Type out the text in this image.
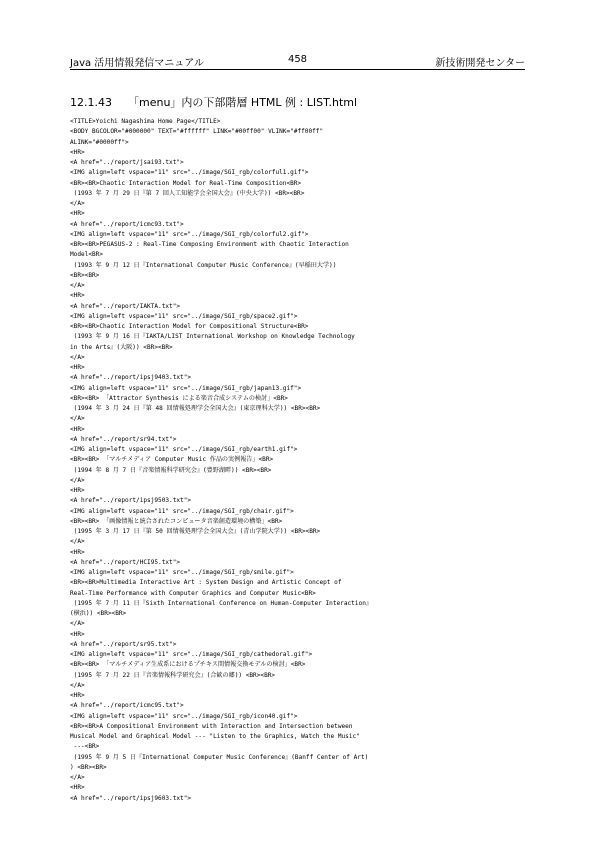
Java 活用情報発信マニュアル	458	新技術開発センター
12.1.43 「menu」内の下部階層 HTML 例 : LIST.html
<TITLE>Yoichi Nagashima Home Page</TITLE>
<BODY BGCOLOR="#000000" TEXT="#ffffff" LINK="#00ff00" VLINK="#ff00ff"
ALINK="#0000ff">
<HR>
<A href="../report/jsai93.txt">
<IMG align=left vspace="11" src="../image/SGI_rgb/colorful1.gif">
<BR><BR>Chaotic Interaction Model for Real-Time Composition<BR>
(1993 年 7 月 29 日『第 7 回人工知能学会全国大会』(中央大学)) <BR><BR>
</A>
<HR>
<A href="../report/icmc93.txt">
<IMG align=left vspace="11" src="../image/SGI_rgb/colorful2.gif">
<BR><BR>PEGASUS-2 : Real-Time Composing Environment with Chaotic Interaction
Model<BR>
(1993 年 9 月 12 日『International Computer Music Conference』(早稲田大学))
<BR><BR>
</A>
<HR>
<A href="../report/IAKTA.txt">
<IMG align=left vspace="11" src="../image/SGI_rgb/space2.gif">
<BR><BR>Chaotic Interaction Model for Compositional Structure<BR>
(1993 年 9 月 16 日『IAKTA/LIST International Workshop on Knowledge Technology
in the Arts』(大阪)) <BR><BR>
</A>
<HR>
<A href="../report/ipsj9403.txt">
<IMG align=left vspace="11" src="../image/SGI_rgb/japan13.gif">
<BR><BR> 「Attractor Synthesis による楽音合成システムの検討」<BR>
(1994 年 3 月 24 日『第 48 回情報処理学会全国大会』(東京理科大学)) <BR><BR>
</A>
<HR>
<A href="../report/sr94.txt">
<IMG align=left vspace="11" src="../image/SGI_rgb/earth1.gif">
<BR><BR> 「マルチメディア Computer Music 作品の実例報告」<BR>
(1994 年 8 月 7 日『音楽情報科学研究会』(豊野湖畔)) <BR><BR>
</A>
<HR>
<A href="../report/ipsj9503.txt">
<IMG align=left vspace="11" src="../image/SGI_rgb/chair.gif">
<BR><BR> 「画像情報と統合されたコンピュータ音楽創造環境の構築」<BR>
(1995 年 3 月 17 日『第 50 回情報処理学会全国大会』(青山学院大学)) <BR><BR>
</A>
<HR>
<A href="../report/HCI95.txt">
<IMG align=left vspace="11" src="../image/SGI_rgb/smile.gif">
<BR><BR>Multimedia Interactive Art : System Design and Artistic Concept of
Real-Time Performance with Computer Graphics and Computer Music<BR>
(1995 年 7 月 11 日『Sixth International Conference on Human-Computer Interaction』
(横浜)) <BR><BR>
</A>
<HR>
<A href="../report/sr95.txt">
<IMG align=left vspace="11" src="../image/SGI_rgb/cathedoral.gif">
<BR><BR> 「マルチメディア生成系におけるプチキス間情報交換モデルの検討」<BR>
(1995 年 7 月 22 日『音楽情報科学研究会』(合歓の郷)) <BR><BR>
</A>
<HR>
<A href="../report/icmc95.txt">
<IMG align=left vspace="11" src="../image/SGI_rgb/icon40.gif">
<BR><BR>A Compositional Environment with Interaction and Intersection between
Musical Model and Graphical Model --- "Listen to the Graphics, Watch the Music"
---<BR>
(1995 年 9 月 5 日『International Computer Music Conference』(Banff Center of Art)
) <BR><BR>
</A>
<HR>
<A href="../report/ipsj9603.txt">
